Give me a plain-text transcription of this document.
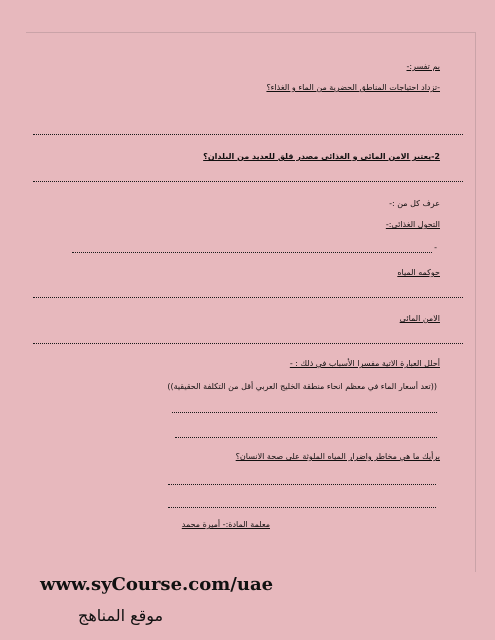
بم تفسر:-
-تزداد احتياجات المناطق الحضرية من الماء و الغذاء؟
2-يعتبر الامن المائى و الغذائى مصدر قلق للعديد من البلدان؟
عرف كل من :-
التحول الغذائى:-
-
حوكمه المياه
الامن المائى
أحلل العبارة الاتية مفسرا الأسباب في ذلك : -
((تعد أسعار الماء في معظم انحاء منطقة الخليج العربي أقل من التكلفة الحقيقية))
برأيك ما هي مخاطر واضرار المياه الملوثة على صحة الانسان؟
معلمة المادة:- أميرة محمد
www.syCourse.com/uae
موقع المناهج
